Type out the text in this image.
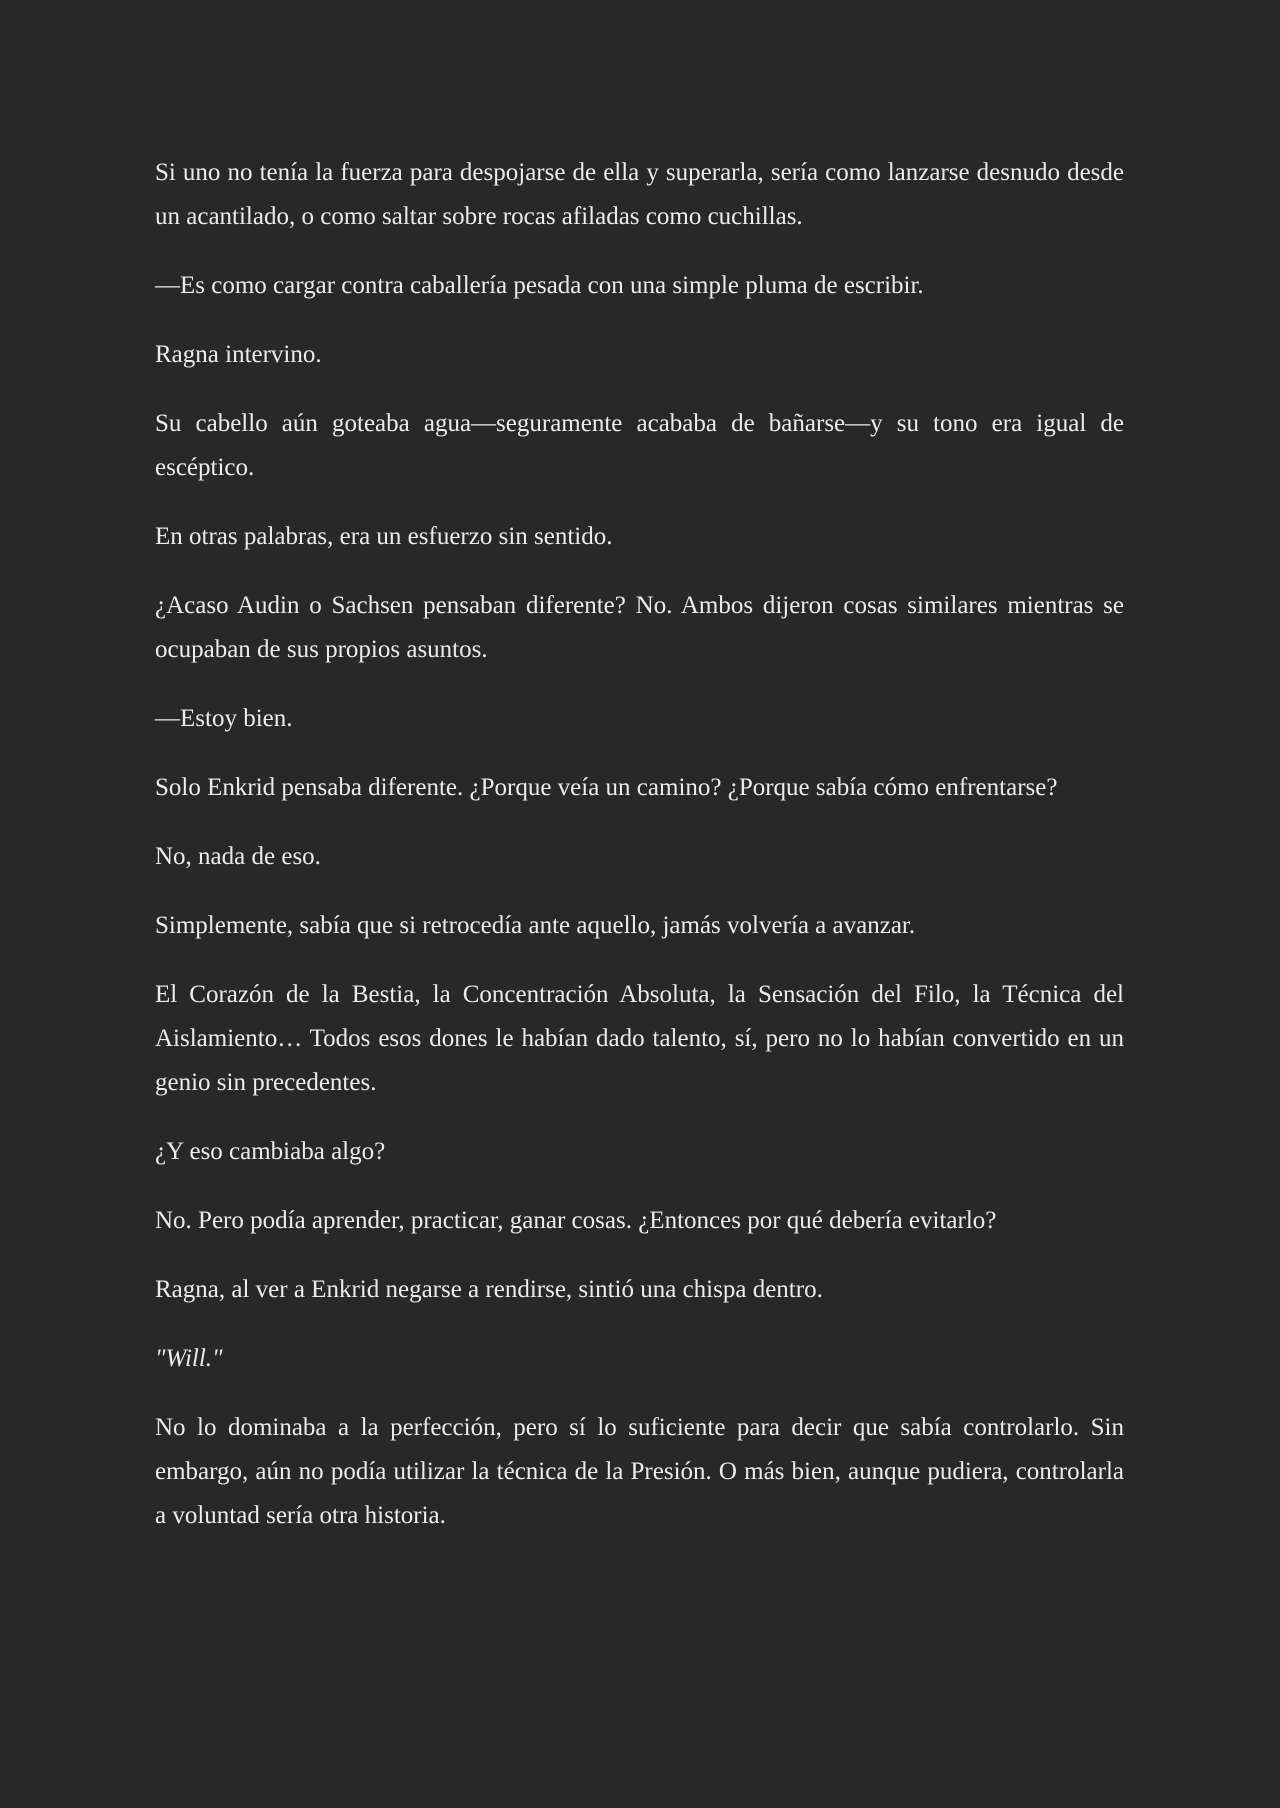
Si uno no tenía la fuerza para despojarse de ella y superarla, sería como lanzarse desnudo desde un acantilado, o como saltar sobre rocas afiladas como cuchillas.

—Es como cargar contra caballería pesada con una simple pluma de escribir.

Ragna intervino.

Su cabello aún goteaba agua—seguramente acababa de bañarse—y su tono era igual de escéptico.

En otras palabras, era un esfuerzo sin sentido.

¿Acaso Audin o Sachsen pensaban diferente? No. Ambos dijeron cosas similares mientras se ocupaban de sus propios asuntos.

—Estoy bien.

Solo Enkrid pensaba diferente. ¿Porque veía un camino? ¿Porque sabía cómo enfrentarse?

No, nada de eso.

Simplemente, sabía que si retrocedía ante aquello, jamás volvería a avanzar.

El Corazón de la Bestia, la Concentración Absoluta, la Sensación del Filo, la Técnica del Aislamiento… Todos esos dones le habían dado talento, sí, pero no lo habían convertido en un genio sin precedentes.

¿Y eso cambiaba algo?

No. Pero podía aprender, practicar, ganar cosas. ¿Entonces por qué debería evitarlo?

Ragna, al ver a Enkrid negarse a rendirse, sintió una chispa dentro.

"Will."

No lo dominaba a la perfección, pero sí lo suficiente para decir que sabía controlarlo. Sin embargo, aún no podía utilizar la técnica de la Presión. O más bien, aunque pudiera, controlarla a voluntad sería otra historia.
